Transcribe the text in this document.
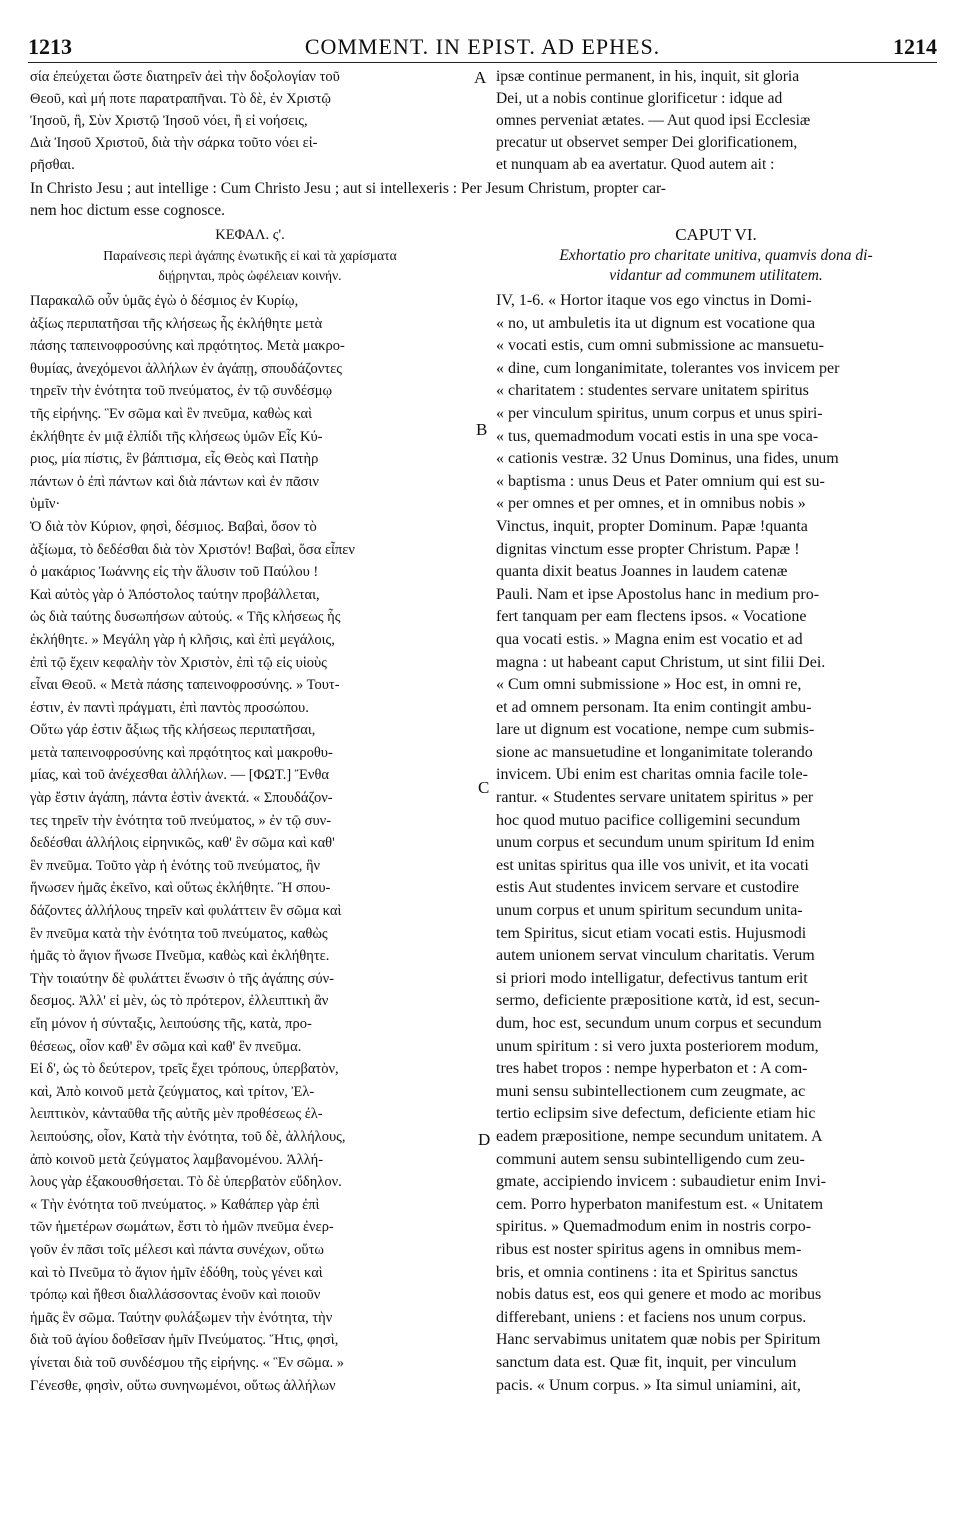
1213	COMMENT. IN EPIST. AD EPHES.	1214
σία ἐπεύχεται ὥστε διατηρεῖν ἀεὶ τὴν δοξολογίαν τοῦ
Θεοῦ, καὶ μή ποτε παρατραπῆναι. Τὸ δὲ, ἐν Χριστῷ
Ἰησοῦ, ἢ, Σὺν Χριστῷ Ἰησοῦ νόει, ἢ εἰ νοήσεις,
Διὰ Ἰησοῦ Χριστοῦ, διὰ τὴν σάρκα τοῦτο νόει εἰ-
ρῆσθαι.
ipsæ continue permanent, in his, inquit, sit gloria
Dei, ut a nobis continue glorificetur : idque ad
omnes perveniat ætates. — Aut quod ipsi Ecclesiæ
precatur ut observet semper Dei glorificationem,
et nunquam ab ea avertatur. Quod autem ait :
In Christo Jesu ; aut intellige : Cum Christo Jesu ; aut si intellexeris : Per Jesum Christum, propter car-
nem hoc dictum esse cognosce.
ΚΕΦΑΛ. ς'.	CAPUT VI.
Παραίνεσις περὶ ἀγάπης ἑνωτικῆς εἰ καὶ τὰ χαρίσματα
διῄρηνται, πρὸς ὠφέλειαν κοινήν.
Exhortatio pro charitate unitiva, quamvis dona di-
vidantur ad communem utilitatem.
Παρακαλῶ οὖν ὑμᾶς ἐγὼ ὁ δέσμιος ἐν Κυρίῳ,
ἀξίως περιπατῆσαι τῆς κλήσεως ἧς ἐκλήθητε μετὰ
πάσης ταπεινοφροσύνης καὶ πρᾳότητος. Μετὰ μακρο-
θυμίας, ἀνεχόμενοι ἀλλήλων ἐν ἀγάπῃ, σπουδάζοντες
τηρεῖν τὴν ἑνότητα τοῦ πνεύματος, ἐν τῷ συνδέσμῳ
τῆς εἰρήνης. Ἓν σῶμα καὶ ἓν πνεῦμα, καθὼς καὶ
ἐκλήθητε ἐν μιᾷ ἐλπίδι τῆς κλήσεως ὑμῶν Εἷς Κύ-
ριος, μία πίστις, ἓν βάπτισμα, εἷς Θεὸς καὶ Πατὴρ
πάντων ὁ ἐπὶ πάντων καὶ διὰ πάντων καὶ ἐν πᾶσιν
ὑμῖν·
Ὁ διὰ τὸν Κύριον, φησὶ, δέσμιος. Βαβαὶ, ὅσον τὸ
ἀξίωμα, τὸ δεδέσθαι διὰ τὸν Χριστόν! Βαβαὶ, ὅσα εἶπεν
ὁ μακάριος Ἰωάννης εἰς τὴν ἅλυσιν τοῦ Παύλου !
Καὶ αὐτὸς γὰρ ὁ Ἀπόστολος ταύτην προβάλλεται,
ὡς διὰ ταύτης δυσωπήσων αὐτούς. « Τῆς κλήσεως ἧς
ἐκλήθητε. » Μεγάλη γὰρ ἡ κλῆσις, καὶ ἐπὶ μεγάλοις,
ἐπὶ τῷ ἔχειν κεφαλὴν τὸν Χριστὸν, ἐπὶ τῷ εἰς υἱοὺς
εἶναι Θεοῦ. « Μετὰ πάσης ταπεινοφροσύνης. » Τουτ-
έστιν, ἐν παντὶ πράγματι, ἐπὶ παντὸς προσώπου.
Οὕτω γάρ ἐστιν ἄξιως τῆς κλήσεως περιπατῆσαι,
μετὰ ταπεινοφροσύνης καὶ πρᾳότητος καὶ μακροθυ-
μίας, καὶ τοῦ ἀνέχεσθαι ἀλλήλων. — [ΦΩΤ.] Ἔνθα
γὰρ ἔστιν ἀγάπη, πάντα ἐστὶν ἀνεκτά. « Σπουδάζον-
τες τηρεῖν τὴν ἑνότητα τοῦ πνεύματος, » ἐν τῷ συν-
δεδέσθαι ἀλλήλοις εἰρηνικῶς, καθ' ἓν σῶμα καὶ καθ'
ἓν πνεῦμα. Τοῦτο γὰρ ἡ ἑνότης τοῦ πνεύματος, ἣν
ἥνωσεν ἡμᾶς ἐκεῖνο, καὶ οὕτως ἐκλήθητε. Ἢ σπου-
δάζοντες ἀλλήλους τηρεῖν καὶ φυλάττειν ἓν σῶμα καὶ
ἓν πνεῦμα κατὰ τὴν ἑνότητα τοῦ πνεύματος, καθὼς
ἡμᾶς τὸ ἅγιον ἥνωσε Πνεῦμα, καθὼς καὶ ἐκλήθητε.
Τὴν τοιαύτην δὲ φυλάττει ἕνωσιν ὁ τῆς ἀγάπης σύν-
δεσμος. Ἀλλ' εἰ μὲν, ὡς τὸ πρότερον, ἐλλειπτικὴ ἂν
εἴη μόνον ἡ σύνταξις, λειπούσης τῆς, κατὰ, προ-
θέσεως, οἷον καθ' ἓν σῶμα καὶ καθ' ἓν πνεῦμα.
Εἰ δ', ὡς τὸ δεύτερον, τρεῖς ἔχει τρόπους, ὑπερβατὸν,
καὶ, Ἀπὸ κοινοῦ μετὰ ζεύγματος, καὶ τρίτον, Ἐλ-
λειπτικὸν, κἀνταῦθα τῆς αὐτῆς μὲν προθέσεως ἐλ-
λειπούσης, οἷον, Κατὰ τὴν ἑνότητα, τοῦ δὲ, ἀλλήλους,
ἀπὸ κοινοῦ μετὰ ζεύγματος λαμβανομένου. Ἀλλή-
λους γὰρ ἐξακουσθήσεται. Τὸ δὲ ὑπερβατὸν εὔδηλον.
« Τὴν ἑνότητα τοῦ πνεύματος. » Καθάπερ γὰρ ἐπὶ
τῶν ἡμετέρων σωμάτων, ἔστι τὸ ἡμῶν πνεῦμα ἐνερ-
γοῦν ἐν πᾶσι τοῖς μέλεσι καὶ πάντα συνέχων, οὕτω
καὶ τὸ Πνεῦμα τὸ ἅγιον ἡμῖν ἐδόθη, τοὺς γένει καὶ
τρόπῳ καὶ ἤθεσι διαλλάσσοντας ἑνοῦν καὶ ποιοῦν
ἡμᾶς ἓν σῶμα. Ταύτην φυλάξωμεν τὴν ἑνότητα, τὴν
διὰ τοῦ ἁγίου δοθεῖσαν ἡμῖν Πνεύματος. Ἥτις, φησὶ,
γίνεται διὰ τοῦ συνδέσμου τῆς εἰρήνης. « Ἓν σῶμα. »
Γένεσθε, φησὶν, οὕτω συνηνωμένοι, οὕτως ἀλλήλων
IV, 1-6. « Hortor itaque vos ego vinctus in Domi-
« no, ut ambuletis ita ut dignum est vocatione qua
« vocati estis, cum omni submissione ac mansuetu-
« dine, cum longanimitate, tolerantes vos invicem per
« charitatem : studentes servare unitatem spiritus
« per vinculum spiritus, unum corpus et unus spiri-
« tus, quemadmodum vocati estis in una spe voca-
« cationis vestræ. 32 Unus Dominus, una fides, unum
« baptisma : unus Deus et Pater omnium qui est su-
« per omnes et per omnes, et in omnibus nobis »
Vinctus, inquit, propter Dominum. Papæ !quanta
dignitas vinctum esse propter Christum. Papæ !
quanta dixit beatus Joannes in laudem catenæ
Pauli. Nam et ipse Apostolus hanc in medium pro-
fert tanquam per eam flectens ipsos. « Vocatione
qua vocati estis. » Magna enim est vocatio et ad
magna : ut habeant caput Christum, ut sint filii Dei.
« Cum omni submissione » Hoc est, in omni re,
et ad omnem personam. Ita enim contingit ambu-
lare ut dignum est vocatione, nempe cum submis-
sione ac mansuetudine et longanimitate tolerando
invicem. Ubi enim est charitas omnia facile tole-
rantur. « Studentes servare unitatem spiritus » per
hoc quod mutuo pacifice colligemini secundum
unum corpus et secundum unum spiritum Id enim
est unitas spiritus qua ille vos univit, et ita vocati
estis Aut studentes invicem servare et custodire
unum corpus et unum spiritum secundum unita-
tem Spiritus, sicut etiam vocati estis. Hujusmodi
autem unionem servat vinculum charitatis. Verum
si priori modo intelligatur, defectivus tantum erit
sermo, deficiente præpositione κατὰ, id est, secun-
dum, hoc est, secundum unum corpus et secundum
unum spiritum : si vero juxta posteriorem modum,
tres habet tropos : nempe hyperbaton et : A com-
muni sensu subintellectionem cum zeugmate, ac
tertio eclipsim sive defectum, deficiente etiam hic
eadem præpositione, nempe secundum unitatem. A
communi autem sensu subintelligendo cum zeu-
gmate, accipiendo invicem : subaudietur enim Invi-
cem. Porro hyperbaton manifestum est. « Unitatem
spiritus. » Quemadmodum enim in nostris corpo-
ribus est noster spiritus agens in omnibus mem-
bris, et omnia continens : ita et Spiritus sanctus
nobis datus est, eos qui genere et modo ac moribus
differebant, uniens : et faciens nos unum corpus.
Hanc servabimus unitatem quæ nobis per Spiritum
sanctum data est. Quæ fit, inquit, per vinculum
pacis. « Unum corpus. » Ita simul uniamini, ait,
A
B
C
D
